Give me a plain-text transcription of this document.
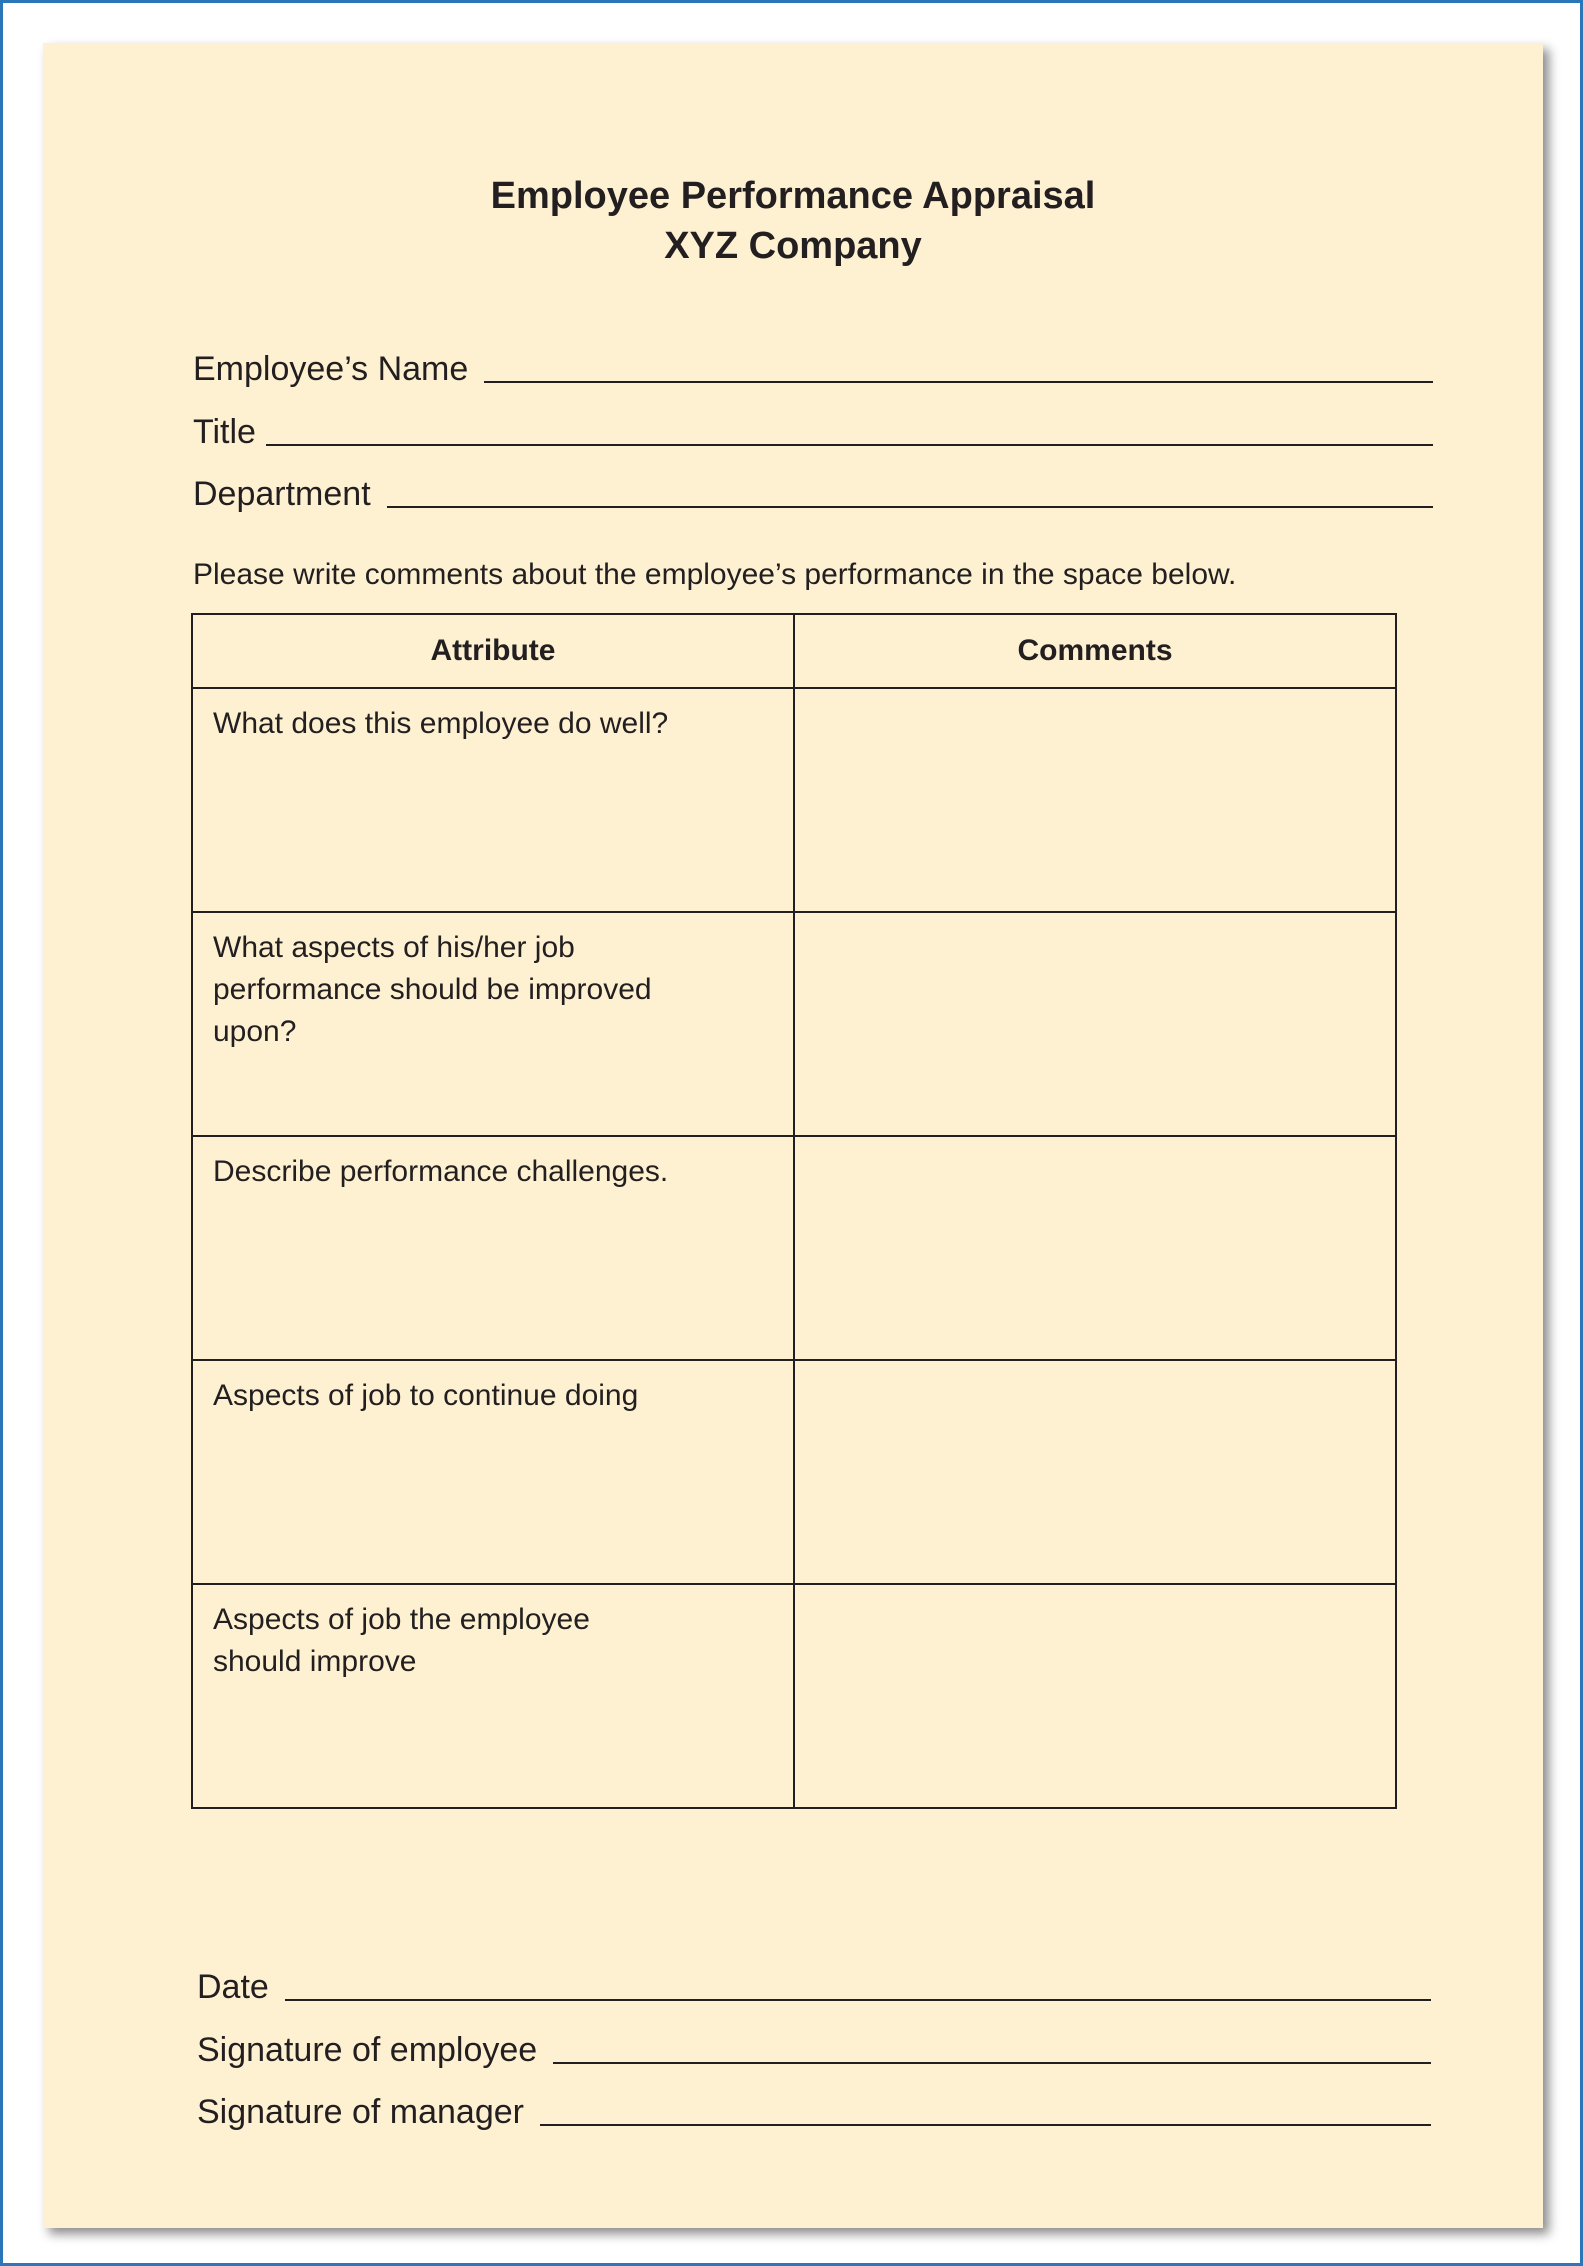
Employee Performance Appraisal
XYZ Company
Employee’s Name
Title
Department
Please write comments about the employee’s performance in the space below.
Attribute	Comments
What does this employee do well?	
What aspects of his/her job performance should be improved upon?	
Describe performance challenges.	
Aspects of job to continue doing	
Aspects of job the employee should improve	
Date
Signature of employee
Signature of manager
